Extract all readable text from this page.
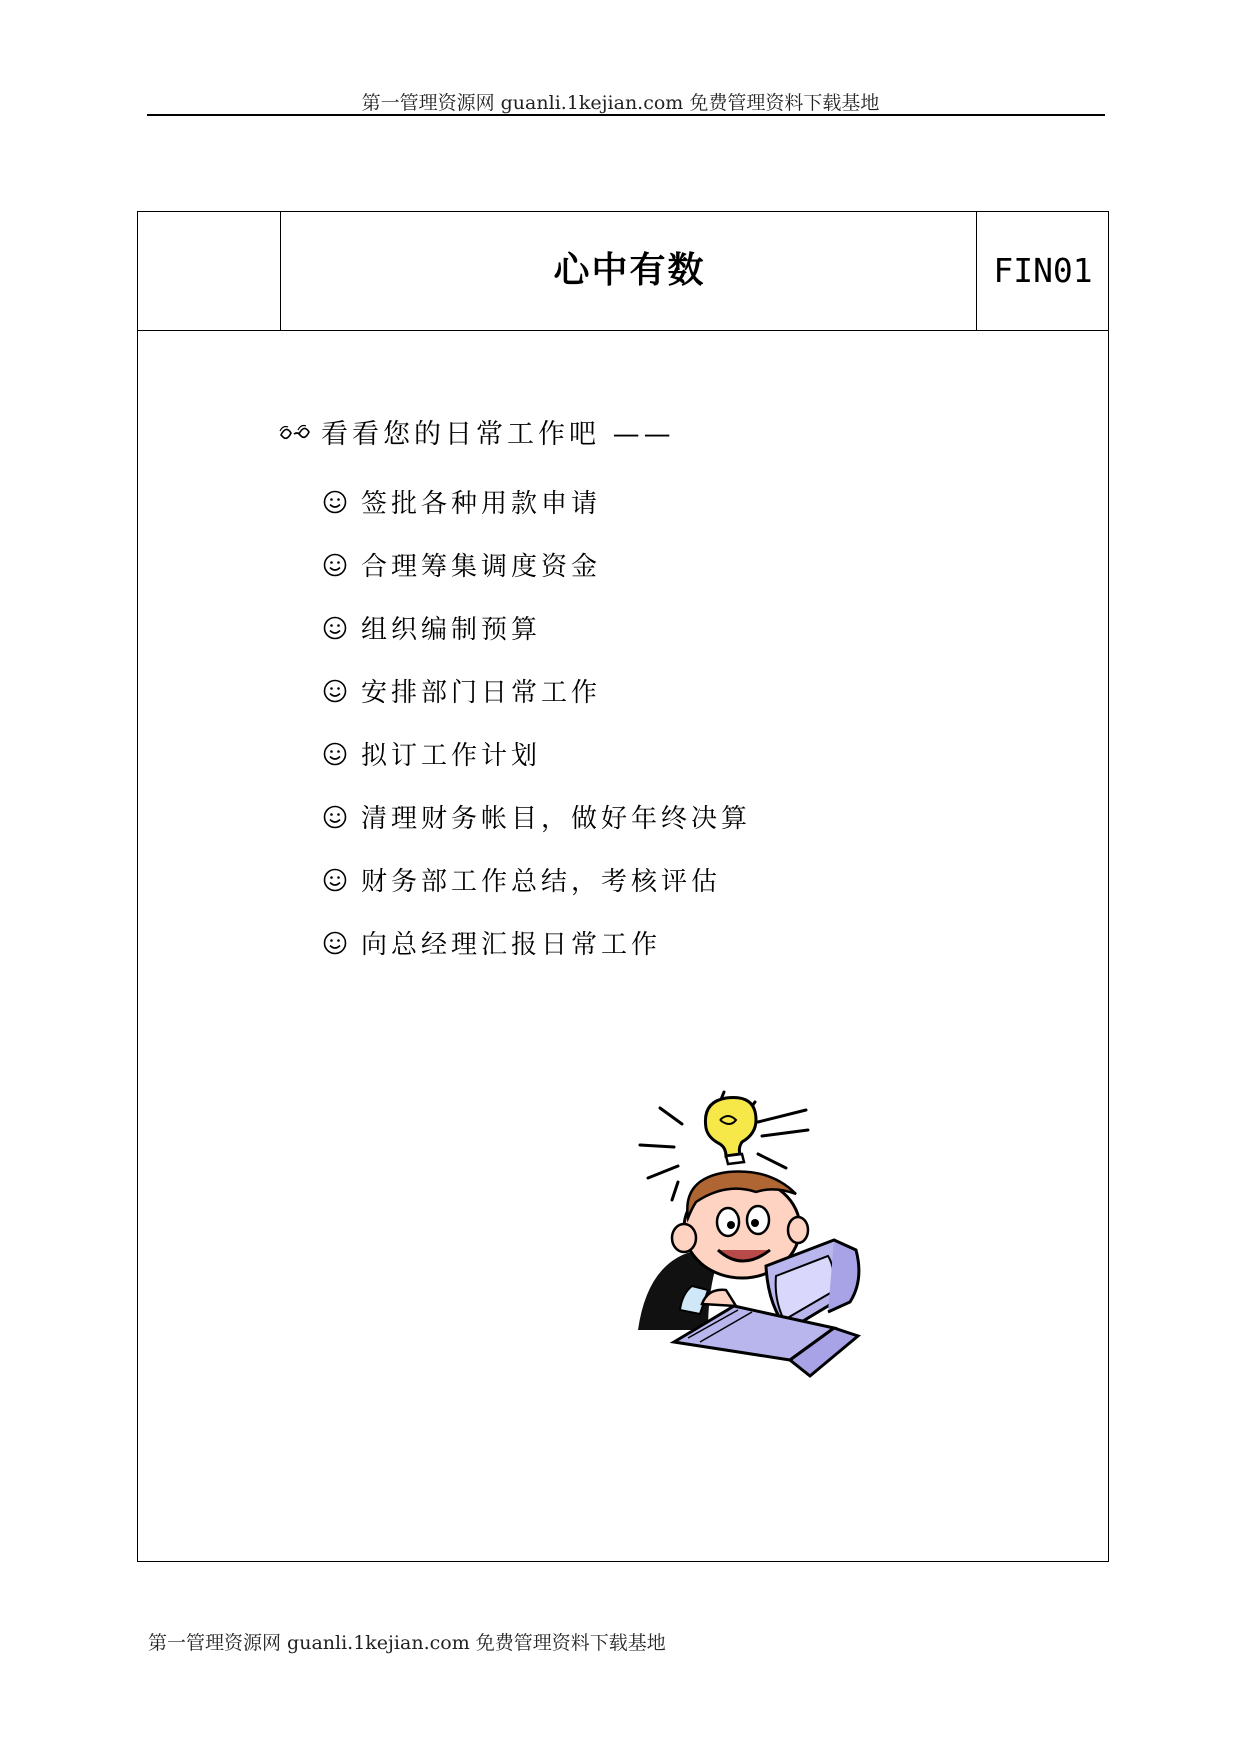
第一管理资源网 guanli.1kejian.com 免费管理资料下载基地
心中有数	FIN01
看看您的日常工作吧 ——
签批各种用款申请
合理筹集调度资金
组织编制预算
安排部门日常工作
拟订工作计划
清理财务帐目，做好年终决算
财务部工作总结，考核评估
向总经理汇报日常工作
第一管理资源网 guanli.1kejian.com 免费管理资料下载基地
